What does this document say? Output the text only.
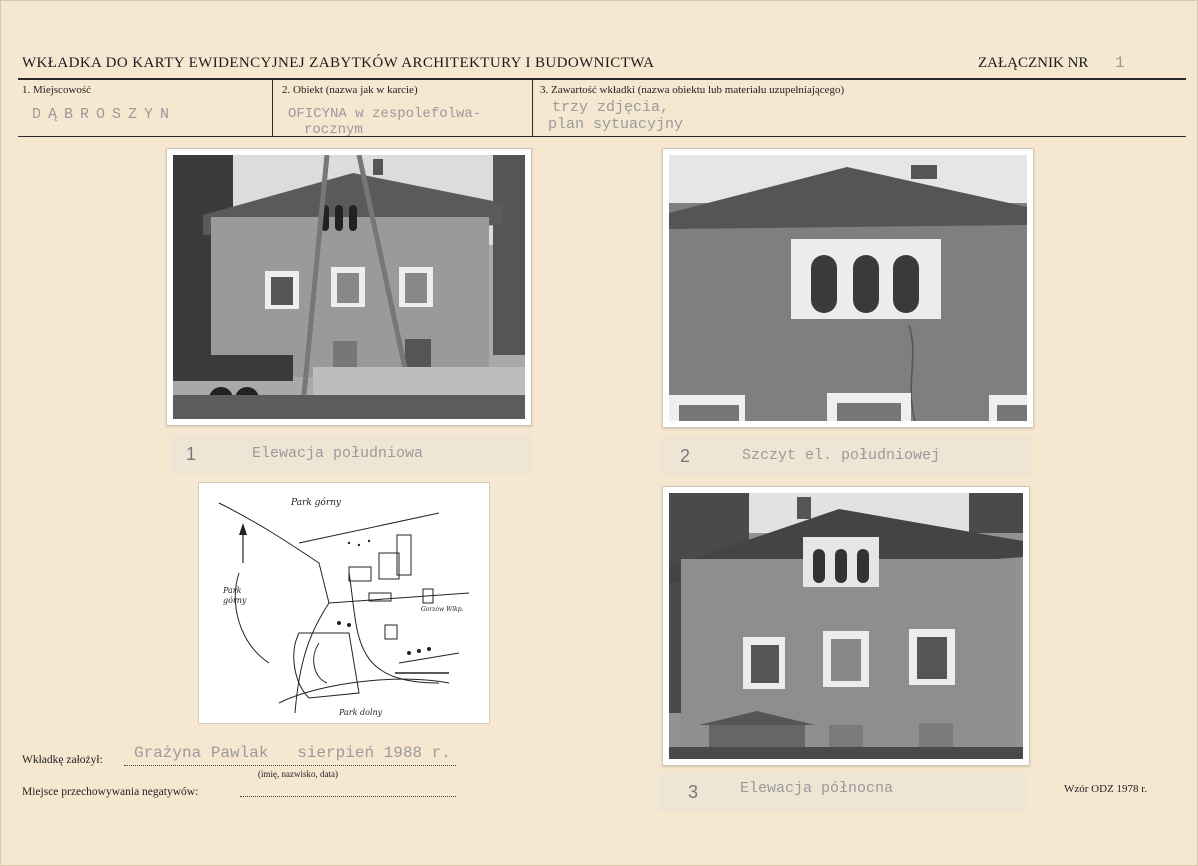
WKŁADKA DO KARTY EWIDENCYJNEJ ZABYTKÓW ARCHITEKTURY I BUDOWNICTWA	ZAŁĄCZNIK NR 1
1. Miejscowość
DĄBROSZYN
2. Obiekt (nazwa jak w karcie)
OFICYNA w zespolefolwa-
rocznym
3. Zawartość wkładki (nazwa obiektu lub materiału uzupełniającego)
trzy zdjęcia,
plan sytuacyjny
1	Elewacja południowa	2	Szczyt el. południowej
Park górny
Park
górny
Park dolny
Gorzów Wlkp.
3	Elewacja północna
Wkładkę założył: Grażyna Pawlak   sierpień 1988 r.
(imię, nazwisko, data)
Miejsce przechowywania negatywów:	Wzór ODZ 1978 r.
